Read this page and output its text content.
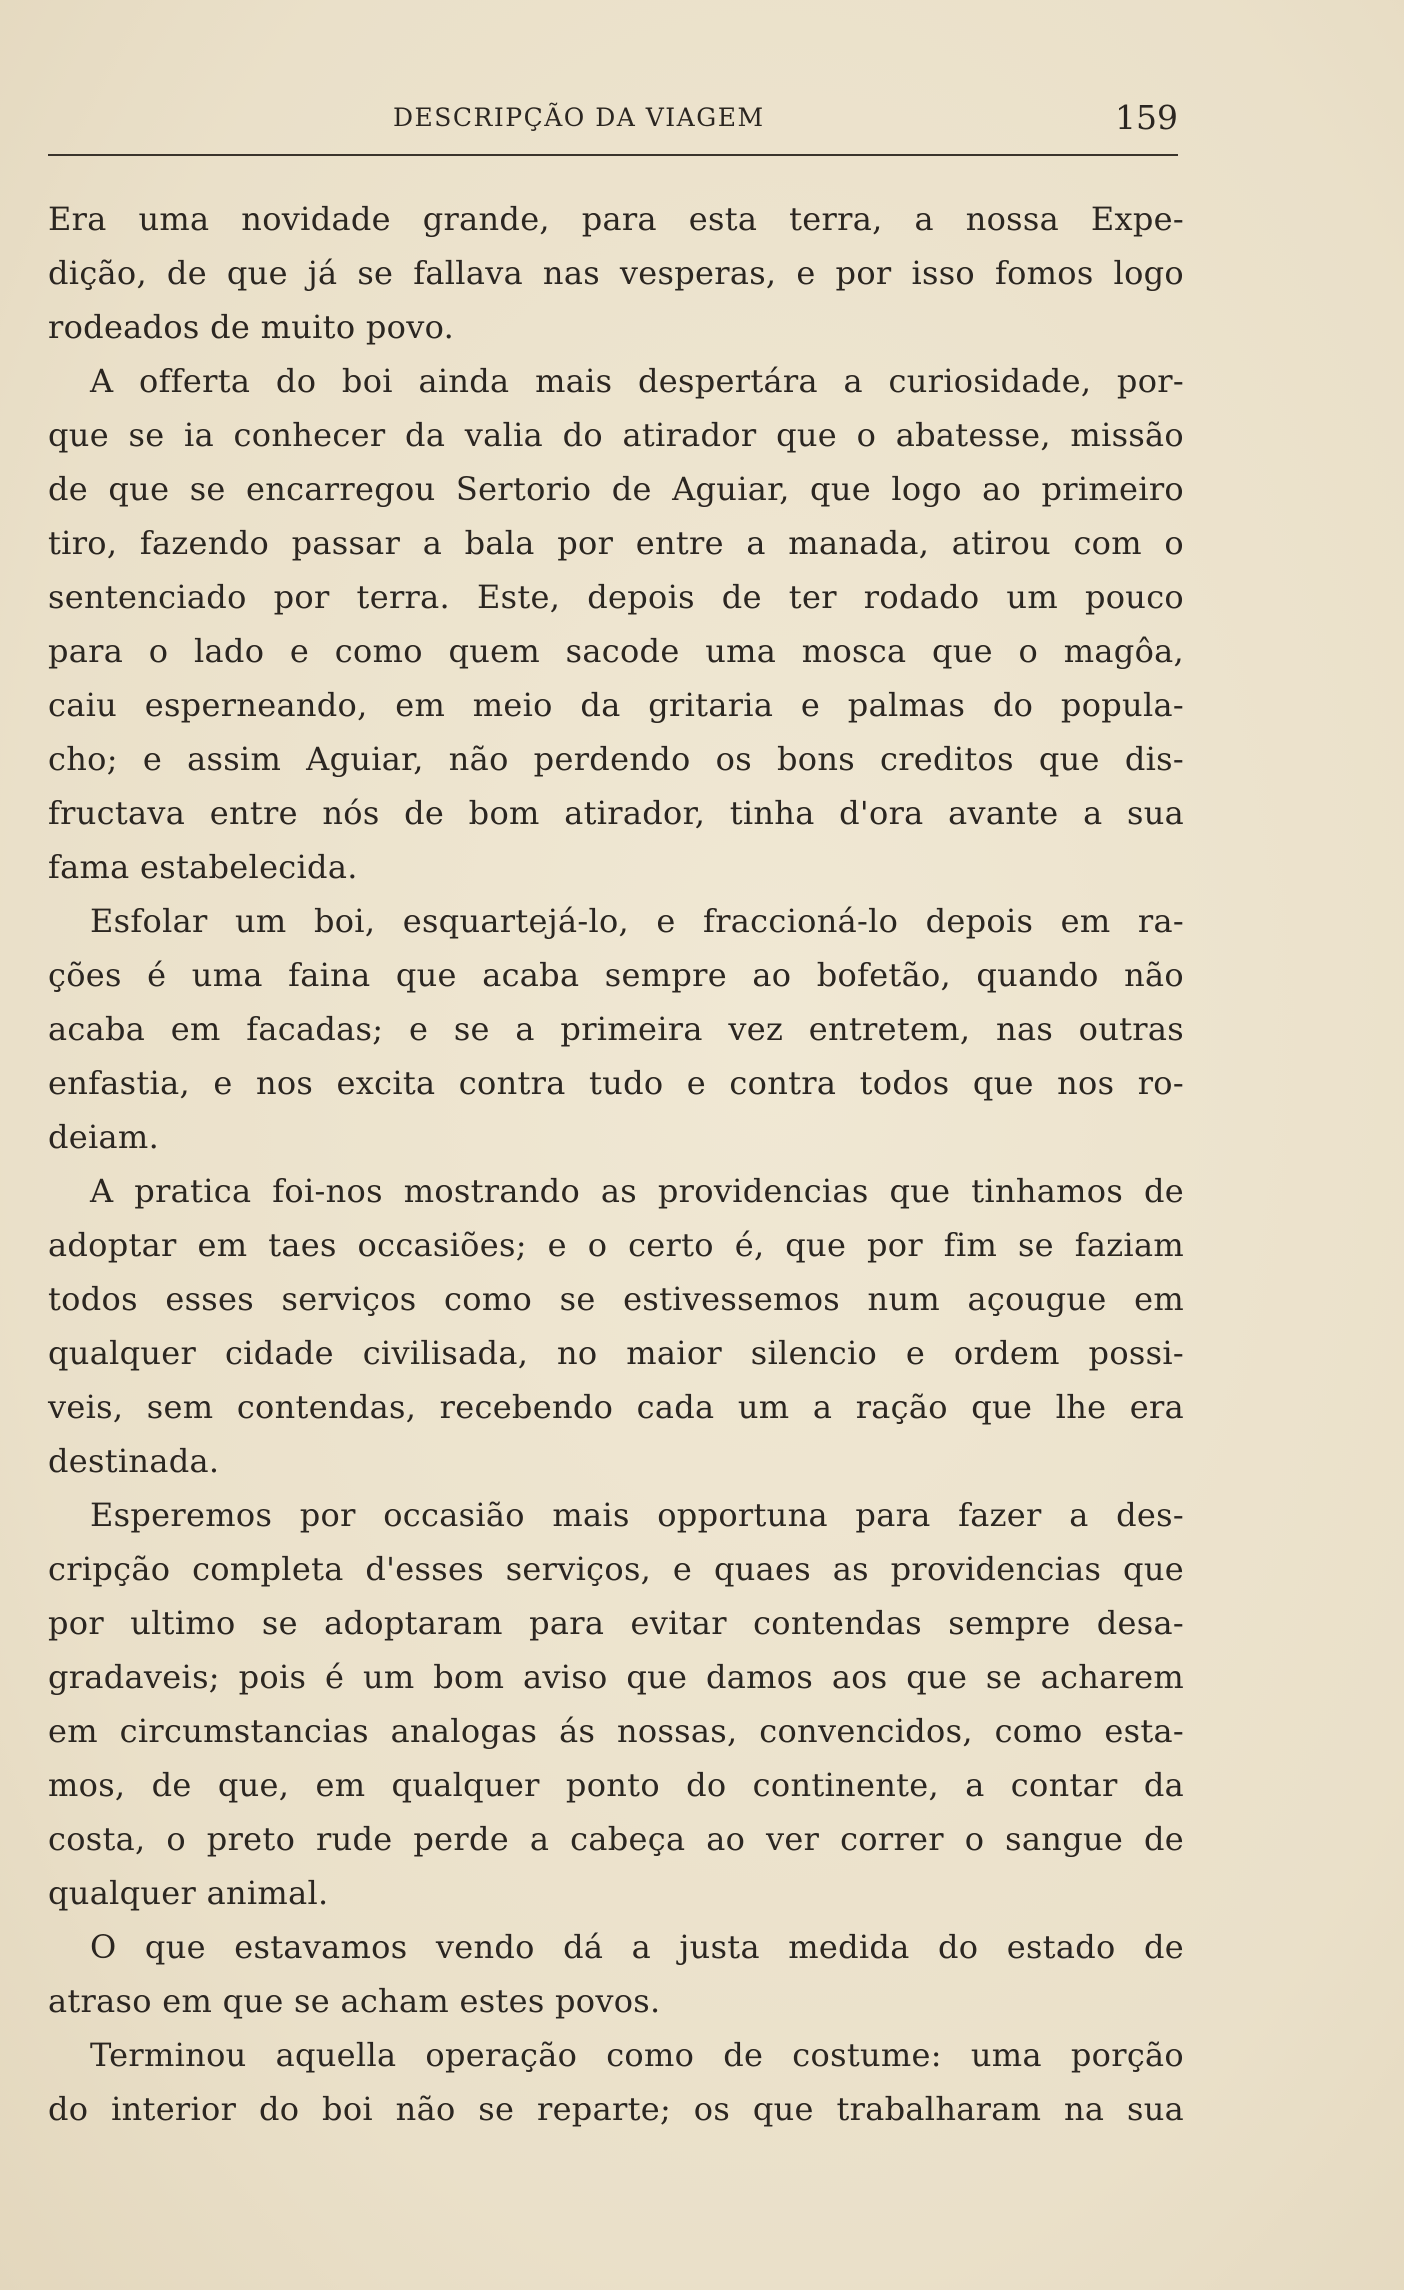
DESCRIPÇÃO DA VIAGEM	159

Era uma novidade grande, para esta terra, a nossa Expe-

dição, de que já se fallava nas vesperas, e por isso fomos logo

rodeados de muito povo.

A offerta do boi ainda mais despertára a curiosidade, por-

que se ia conhecer da valia do atirador que o abatesse, missão

de que se encarregou Sertorio de Aguiar, que logo ao primeiro

tiro, fazendo passar a bala por entre a manada, atirou com o

sentenciado por terra. Este, depois de ter rodado um pouco

para o lado e como quem sacode uma mosca que o magôa,

caiu esperneando, em meio da gritaria e palmas do popula-

cho; e assim Aguiar, não perdendo os bons creditos que dis-

fructava entre nós de bom atirador, tinha d'ora avante a sua

fama estabelecida.

Esfolar um boi, esquartejá-lo, e fraccioná-lo depois em ra-

ções é uma faina que acaba sempre ao bofetão, quando não

acaba em facadas; e se a primeira vez entretem, nas outras

enfastia, e nos excita contra tudo e contra todos que nos ro-

deiam.

A pratica foi-nos mostrando as providencias que tinhamos de

adoptar em taes occasiões; e o certo é, que por fim se faziam

todos esses serviços como se estivessemos num açougue em

qualquer cidade civilisada, no maior silencio e ordem possi-

veis, sem contendas, recebendo cada um a ração que lhe era

destinada.

Esperemos por occasião mais opportuna para fazer a des-

cripção completa d'esses serviços, e quaes as providencias que

por ultimo se adoptaram para evitar contendas sempre desa-

gradaveis; pois é um bom aviso que damos aos que se acharem

em circumstancias analogas ás nossas, convencidos, como esta-

mos, de que, em qualquer ponto do continente, a contar da

costa, o preto rude perde a cabeça ao ver correr o sangue de

qualquer animal.

O que estavamos vendo dá a justa medida do estado de

atraso em que se acham estes povos.

Terminou aquella operação como de costume: uma porção

do interior do boi não se reparte; os que trabalharam na sua
